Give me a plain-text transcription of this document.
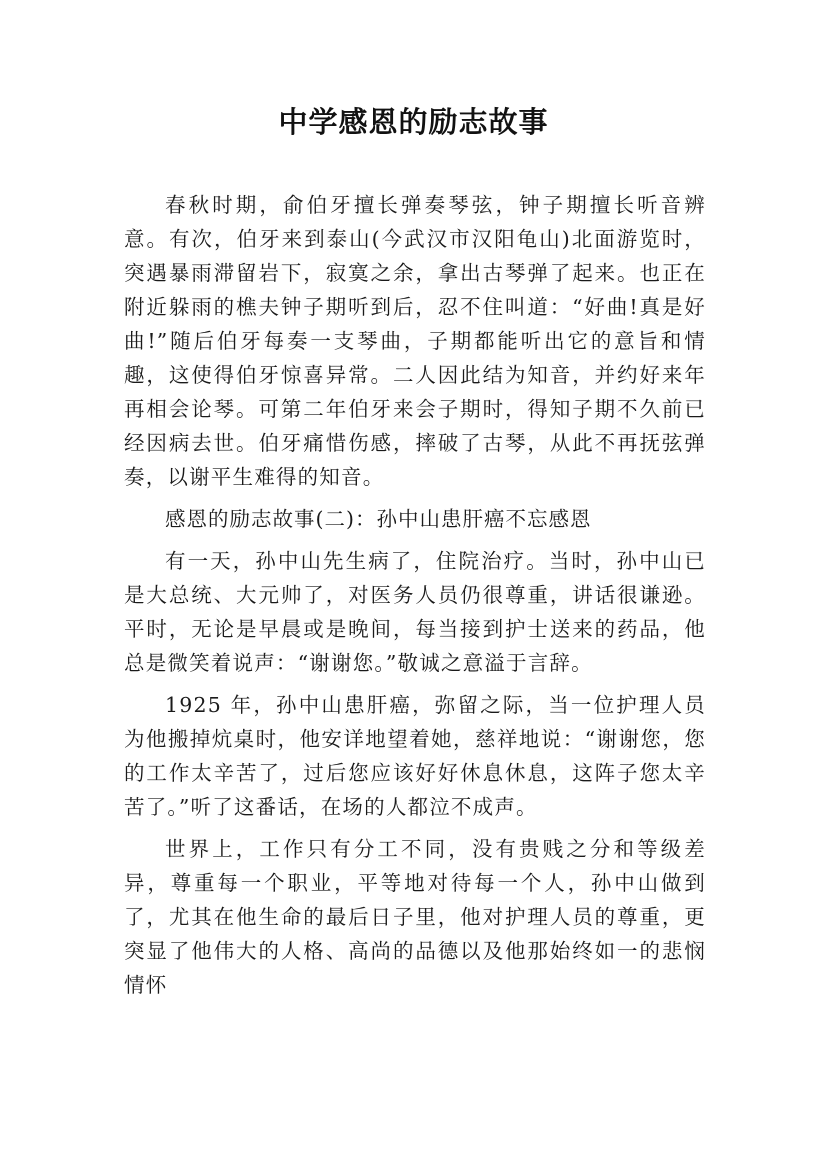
中学感恩的励志故事

春秋时期，俞伯牙擅长弹奏琴弦，钟子期擅长听音辨意。有次，伯牙来到泰山(今武汉市汉阳龟山)北面游览时，突遇暴雨滞留岩下，寂寞之余，拿出古琴弹了起来。也正在附近躲雨的樵夫钟子期听到后，忍不住叫道：“好曲!真是好曲!”随后伯牙每奏一支琴曲，子期都能听出它的意旨和情趣，这使得伯牙惊喜异常。二人因此结为知音，并约好来年再相会论琴。可第二年伯牙来会子期时，得知子期不久前已经因病去世。伯牙痛惜伤感，摔破了古琴，从此不再抚弦弹奏，以谢平生难得的知音。

感恩的励志故事(二)：孙中山患肝癌不忘感恩

有一天，孙中山先生病了，住院治疗。当时，孙中山已是大总统、大元帅了，对医务人员仍很尊重，讲话很谦逊。平时，无论是早晨或是晚间，每当接到护士送来的药品，他总是微笑着说声：“谢谢您。”敬诚之意溢于言辞。

1925 年，孙中山患肝癌，弥留之际，当一位护理人员为他搬掉炕桌时，他安详地望着她，慈祥地说：“谢谢您，您的工作太辛苦了，过后您应该好好休息休息，这阵子您太辛苦了。”听了这番话，在场的人都泣不成声。

世界上，工作只有分工不同，没有贵贱之分和等级差异，尊重每一个职业，平等地对待每一个人，孙中山做到了，尤其在他生命的最后日子里，他对护理人员的尊重，更突显了他伟大的人格、高尚的品德以及他那始终如一的悲悯情怀
